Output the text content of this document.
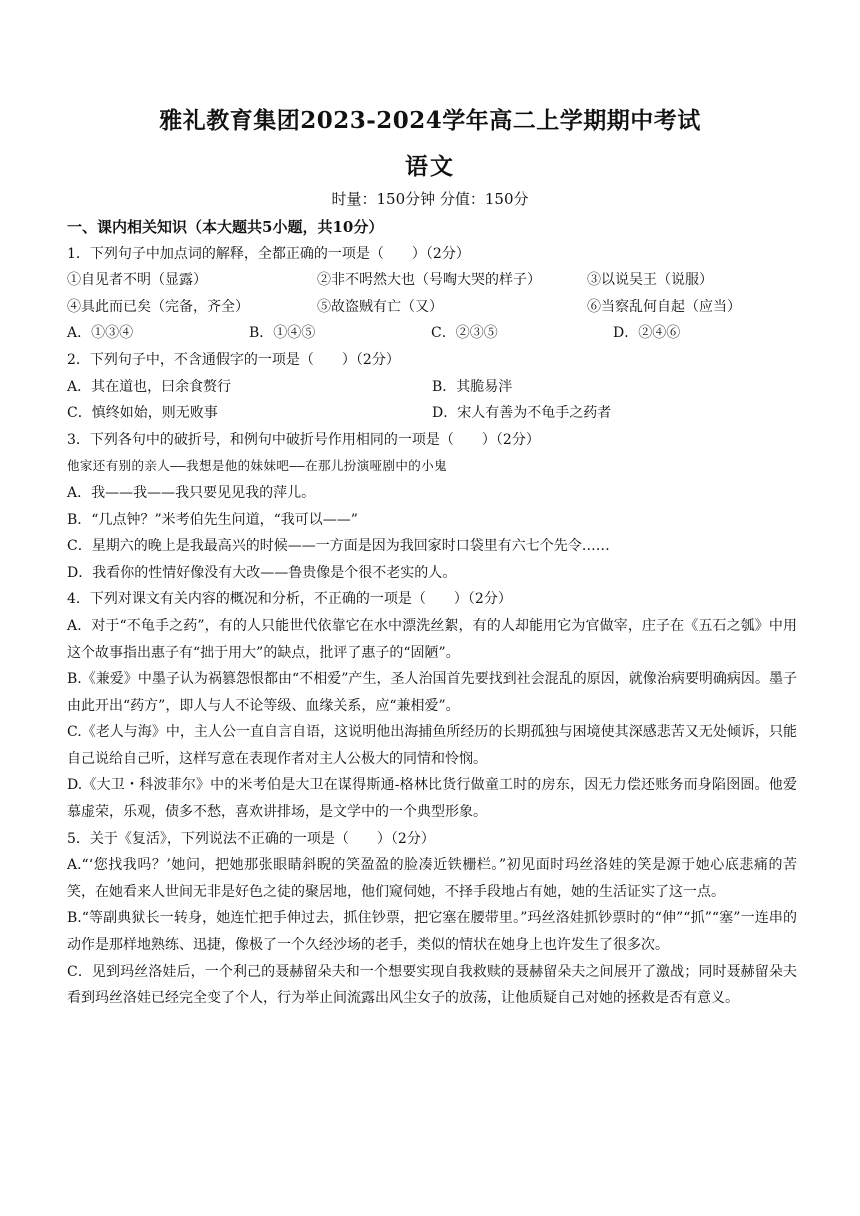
雅礼教育集团2023-2024学年高二上学期期中考试
语文
时量：150分钟 分值：150分

一、课内相关知识（本大题共5小题，共10分）

1．下列句子中加点词的解释，全都正确的一项是（　　）（2分）

①自见者不明（显露）	②非不呺然大也（号啕大哭的样子）	③以说吴王（说服）
④具此而已矣（完备，齐全）	⑤故盗贼有亡（又）	⑥当察乱何自起（应当）
A．①③④	B．①④⑤	C．②③⑤	D．②④⑥

2．下列句子中，不含通假字的一项是（　　）（2分）

A．其在道也，曰余食赘行	B．其脆易泮
C．慎终如始，则无败事	D．宋人有善为不龟手之药者

3．下列各句中的破折号，和例句中破折号作用相同的一项是（　　）（2分）

他家还有别的亲人——我想是他的妹妹吧——在那儿扮演哑剧中的小鬼

A．我——我——我只要见见我的萍儿。

B．“几点钟？”米考伯先生问道，“我可以——”

C．星期六的晚上是我最高兴的时候——一方面是因为我回家时口袋里有六七个先令……

D．我看你的性情好像没有大改——鲁贵像是个很不老实的人。

4．下列对课文有关内容的概况和分析，不正确的一项是（　　）（2分）

A．对于“不龟手之药”，有的人只能世代依靠它在水中漂洗丝絮，有的人却能用它为官做宰，庄子在《五石之瓠》中用这个故事指出惠子有“拙于用大”的缺点，批评了惠子的“固陋”。

B.《兼爱》中墨子认为祸篡怨恨都由“不相爱”产生，圣人治国首先要找到社会混乱的原因，就像治病要明确病因。墨子由此开出“药方”，即人与人不论等级、血缘关系，应“兼相爱”。

C.《老人与海》中，主人公一直自言自语，这说明他出海捕鱼所经历的长期孤独与困境使其深感悲苦又无处倾诉，只能自己说给自己听，这样写意在表现作者对主人公极大的同情和怜悯。

D.《大卫・科波菲尔》中的米考伯是大卫在谋得斯通-格林比货行做童工时的房东，因无力偿还账务而身陷囹圄。他爱慕虚荣，乐观，债多不愁，喜欢讲排场，是文学中的一个典型形象。

5．关于《复活》，下列说法不正确的一项是（　　）（2分）

A.“‘您找我吗？’她问，把她那张眼睛斜睨的笑盈盈的脸凑近铁栅栏。”初见面时玛丝洛娃的笑是源于她心底悲痛的苦笑，在她看来人世间无非是好色之徒的聚居地，他们窥伺她，不择手段地占有她，她的生活证实了这一点。

B.“等副典狱长一转身，她连忙把手伸过去，抓住钞票，把它塞在腰带里。”玛丝洛娃抓钞票时的“伸”“抓”“塞”一连串的动作是那样地熟练、迅捷，像极了一个久经沙场的老手，类似的情状在她身上也许发生了很多次。

C．见到玛丝洛娃后，一个利己的聂赫留朵夫和一个想要实现自我救赎的聂赫留朵夫之间展开了激战；同时聂赫留朵夫看到玛丝洛娃已经完全变了个人，行为举止间流露出风尘女子的放荡，让他质疑自己对她的拯救是否有意义。
